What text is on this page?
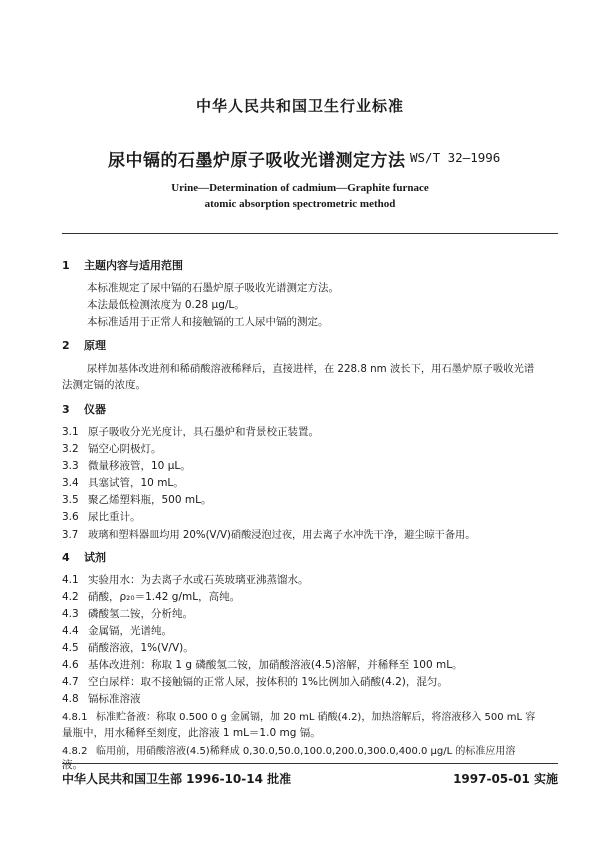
中华人民共和国卫生行业标准
尿中镉的石墨炉原子吸收光谱测定方法 WS/T 32—1996
Urine—Determination of cadmium—Graphite furnace
atomic absorption spectrometric method
1 主题内容与适用范围
本标准规定了尿中镉的石墨炉原子吸收光谱测定方法。
本法最低检测浓度为 0.28 μg/L。
本标准适用于正常人和接触镉的工人尿中镉的测定。
2 原理
尿样加基体改进剂和稀硝酸溶液稀释后，直接进样，在 228.8 nm 波长下，用石墨炉原子吸收光谱
法测定镉的浓度。
3 仪器
3.1 原子吸收分光光度计，具石墨炉和背景校正装置。
3.2 镉空心阴极灯。
3.3 微量移液管，10 μL。
3.4 具塞试管，10 mL。
3.5 聚乙烯塑料瓶，500 mL。
3.6 尿比重计。
3.7 玻璃和塑料器皿均用 20%(V/V)硝酸浸泡过夜，用去离子水冲洗干净，避尘晾干备用。
4 试剂
4.1 实验用水：为去离子水或石英玻璃亚沸蒸馏水。
4.2 硝酸，ρ₂₀＝1.42 g/mL，高纯。
4.3 磷酸氢二铵，分析纯。
4.4 金属镉，光谱纯。
4.5 硝酸溶液，1%(V/V)。
4.6 基体改进剂：称取 1 g 磷酸氢二铵，加硝酸溶液(4.5)溶解，并稀释至 100 mL。
4.7 空白尿样：取不接触镉的正常人尿，按体积的 1%比例加入硝酸(4.2)，混匀。
4.8 镉标准溶液
4.8.1 标准贮备液：称取 0.500 0 g 金属镉，加 20 mL 硝酸(4.2)，加热溶解后，将溶液移入 500 mL 容
量瓶中，用水稀释至刻度，此溶液 1 mL＝1.0 mg 镉。
4.8.2 临用前，用硝酸溶液(4.5)稀释成 0,30.0,50.0,100.0,200.0,300.0,400.0 μg/L 的标准应用溶
液。
中华人民共和国卫生部 1996-10-14 批准	1997-05-01 实施
